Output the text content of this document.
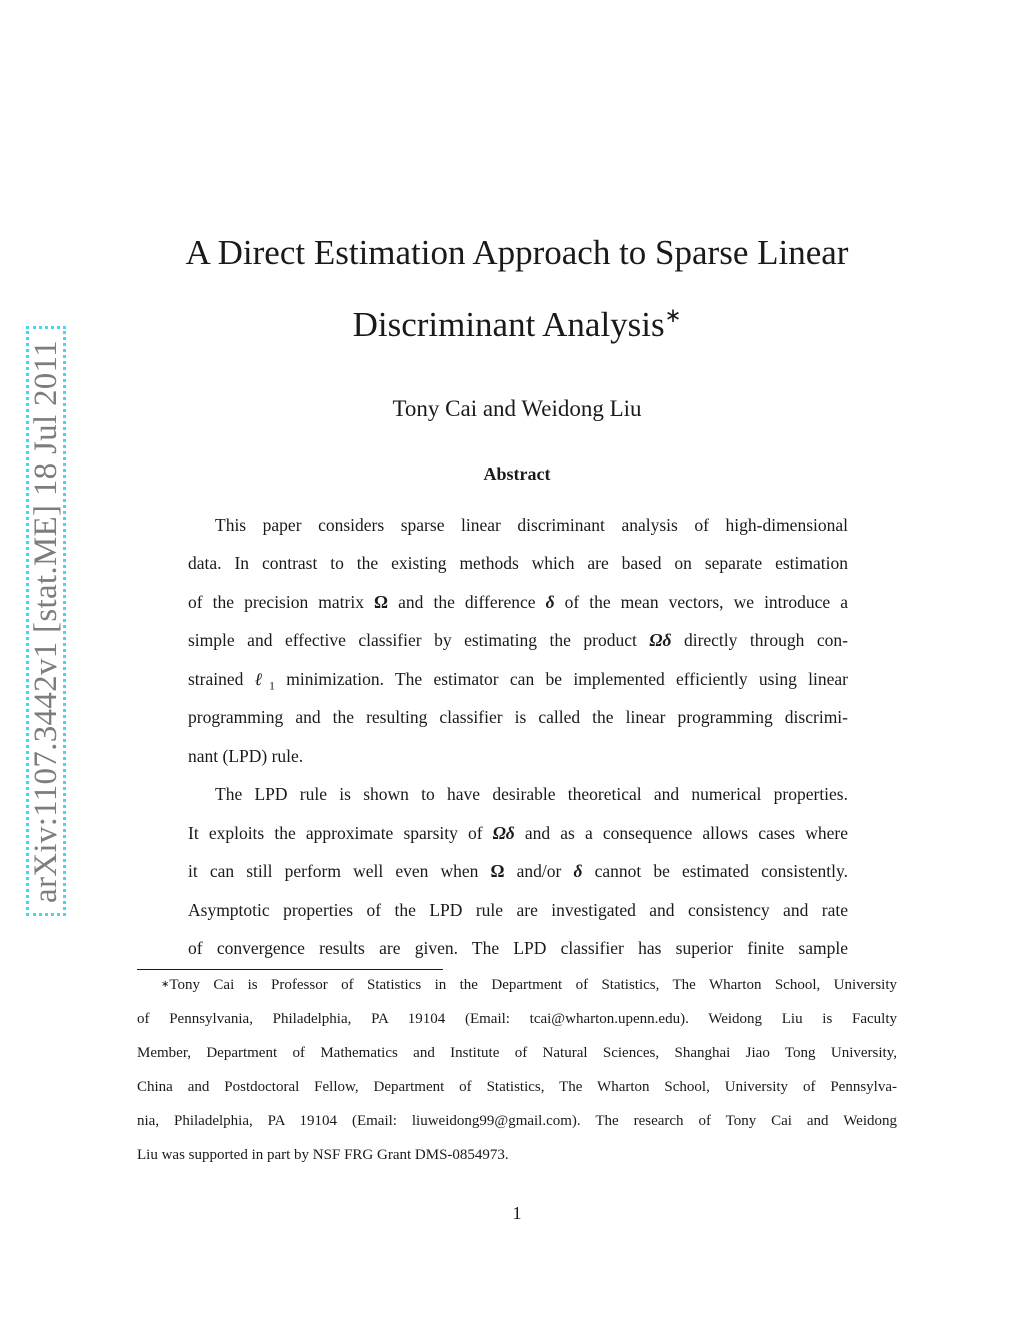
arXiv:1107.3442v1 [stat.ME] 18 Jul 2011
A Direct Estimation Approach to Sparse Linear
Discriminant Analysis∗
Tony Cai and Weidong Liu
Abstract
This paper considers sparse linear discriminant analysis of high-dimensional
data. In contrast to the existing methods which are based on separate estimation
of the precision matrix Ω and the difference δ of the mean vectors, we introduce a
simple and effective classifier by estimating the product Ωδ directly through con-
strained ℓ$_1$ minimization. The estimator can be implemented efficiently using linear
programming and the resulting classifier is called the linear programming discrimi-
nant (LPD) rule.
The LPD rule is shown to have desirable theoretical and numerical properties.
It exploits the approximate sparsity of Ωδ and as a consequence allows cases where
it can still perform well even when Ω and/or δ cannot be estimated consistently.
Asymptotic properties of the LPD rule are investigated and consistency and rate
of convergence results are given. The LPD classifier has superior finite sample
∗Tony Cai is Professor of Statistics in the Department of Statistics, The Wharton School, University
of Pennsylvania, Philadelphia, PA 19104 (Email: tcai@wharton.upenn.edu). Weidong Liu is Faculty
Member, Department of Mathematics and Institute of Natural Sciences, Shanghai Jiao Tong University,
China and Postdoctoral Fellow, Department of Statistics, The Wharton School, University of Pennsylva-
nia, Philadelphia, PA 19104 (Email: liuweidong99@gmail.com). The research of Tony Cai and Weidong
Liu was supported in part by NSF FRG Grant DMS-0854973.
1
